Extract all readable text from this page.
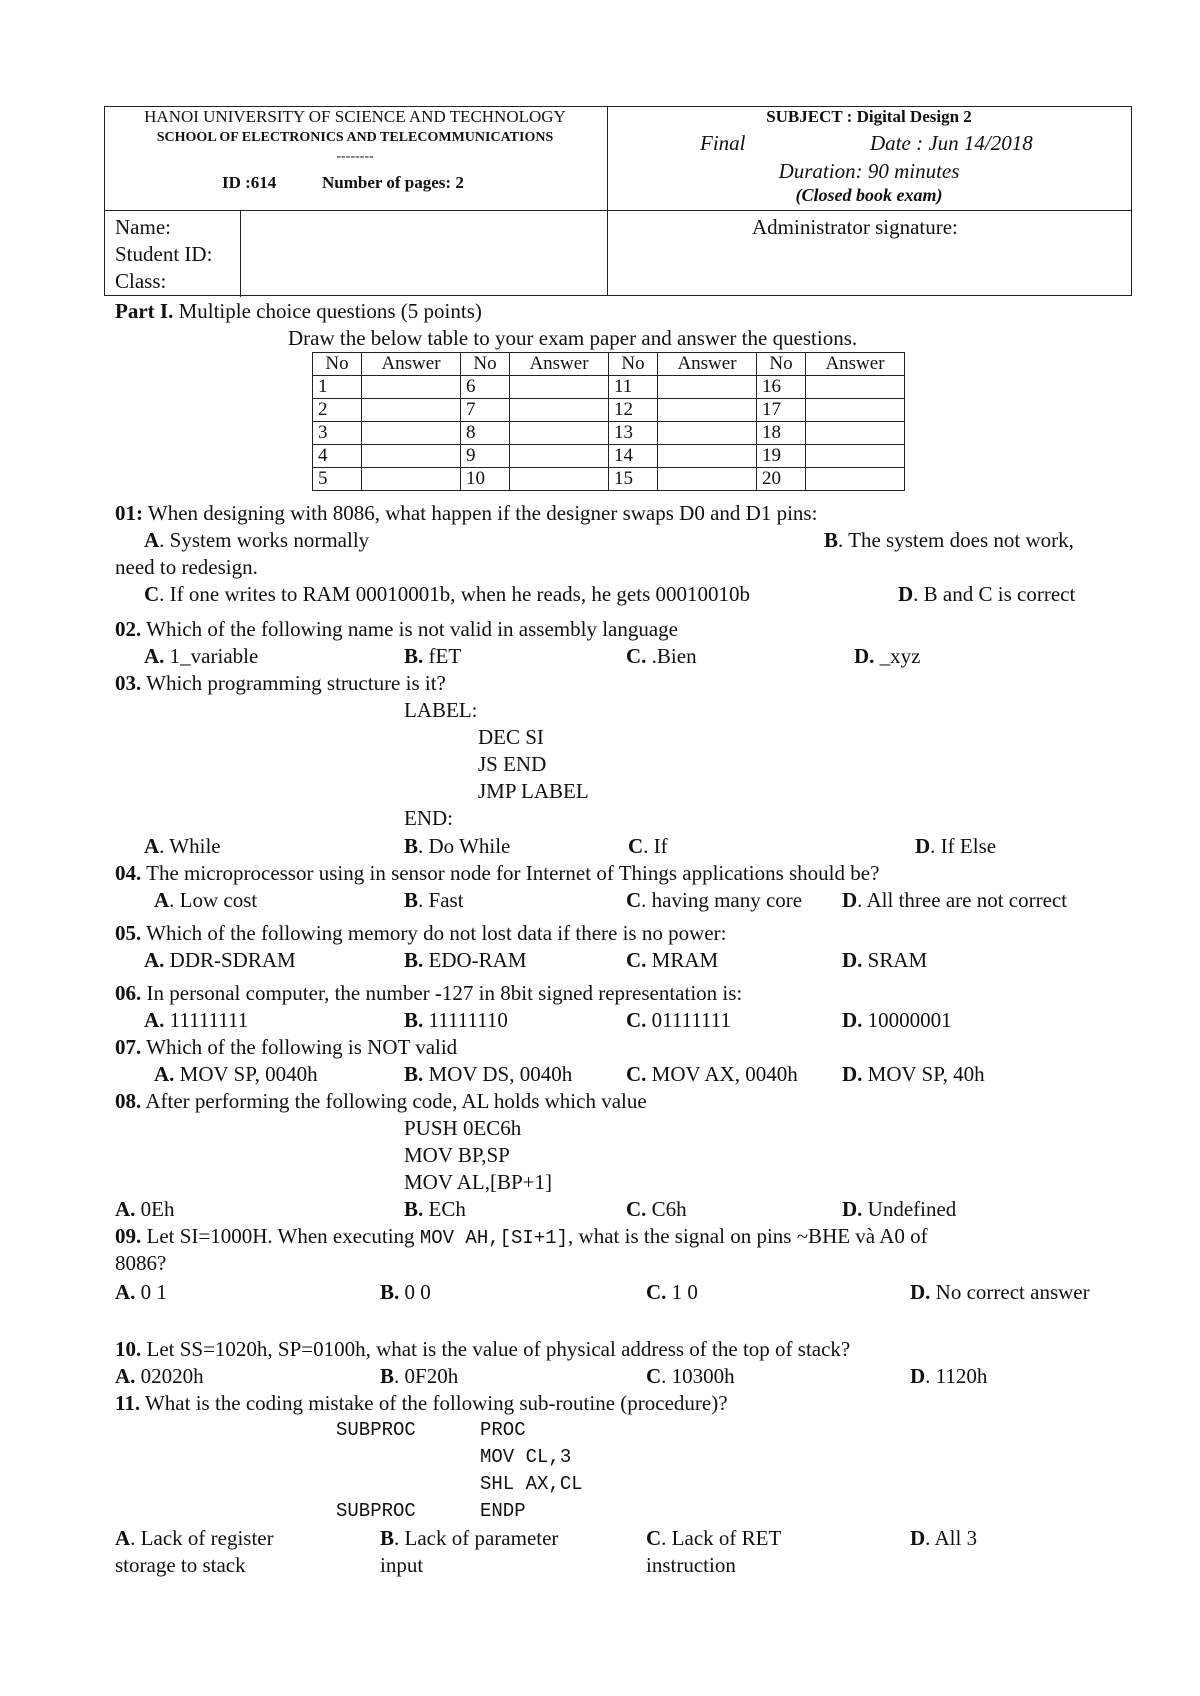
HANOI UNIVERSITY OF SCIENCE AND TECHNOLOGY
SCHOOL OF ELECTRONICS AND TELECOMMUNICATIONS
--------
ID :614	Number of pages: 2
SUBJECT : Digital Design 2
Final	Date : Jun 14/2018
Duration: 90 minutes
(Closed book exam)
Name:
Student ID:
Class:
Administrator signature:
Part I. Multiple choice questions (5 points)
Draw the below table to your exam paper and answer the questions.
No	Answer	No	Answer	No	Answer	No	Answer
1		6		11		16	
2		7		12		17	
3		8		13		18	
4		9		14		19	
5		10		15		20	
01: When designing with 8086, what happen if the designer swaps D0 and D1 pins:
A. System works normally	B. The system does not work,
need to redesign.
C. If one writes to RAM 00010001b, when he reads, he gets 00010010b	D. B and C is correct
02. Which of the following name is not valid in assembly language
A. 1_variable	B. fET	C. .Bien	D. _xyz
03. Which programming structure is it?
LABEL:
DEC SI
JS END
JMP LABEL
END:
A. While	B. Do While	C. If	D. If Else
04. The microprocessor using in sensor node for Internet of Things applications should be?
A. Low cost	B. Fast	C. having many core D. All three are not correct
05. Which of the following memory do not lost data if there is no power:
A. DDR-SDRAM	B. EDO-RAM	C. MRAM	D. SRAM
06. In personal computer, the number -127 in 8bit signed representation is:
A. 11111111	B. 11111110	C. 01111111	D. 10000001
07. Which of the following is NOT valid
A. MOV SP, 0040h	B. MOV DS, 0040h	C. MOV AX, 0040h D. MOV SP, 40h
08. After performing the following code, AL holds which value
PUSH 0EC6h
MOV BP,SP
MOV AL,[BP+1]
A. 0Eh	B. ECh	C. C6h	D. Undefined
09. Let SI=1000H. When executing MOV AH,[SI+1], what is the signal on pins ~BHE và A0 of
8086?
A. 0 1	B. 0 0	C. 1 0	D. No correct answer
10. Let SS=1020h, SP=0100h, what is the value of physical address of the top of stack?
A. 02020h	B. 0F20h	C. 10300h	D. 1120h
11. What is the coding mistake of the following sub-routine (procedure)?
SUBPROC	PROC
MOV CL,3
SHL AX,CL
SUBPROC	ENDP
A. Lack of register
storage to stack
B. Lack of parameter
input
C. Lack of RET
instruction
D. All 3
